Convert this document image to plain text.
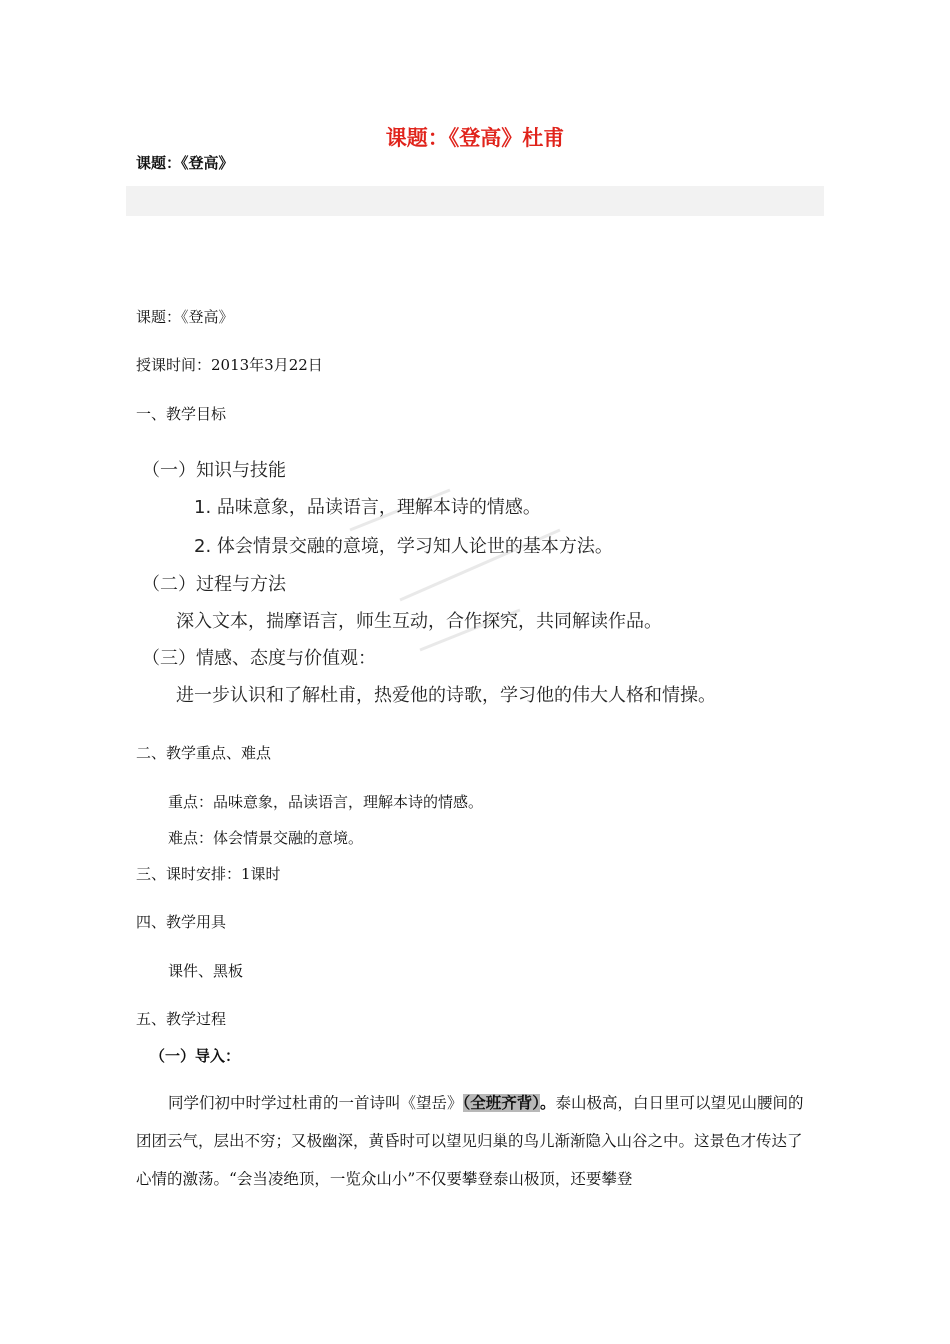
课题：《登高》杜甫
课题：《登高》
课题：《登高》
授课时间：2013年3月22日
一、教学目标
（一）知识与技能
1. 品味意象，品读语言，理解本诗的情感。
2. 体会情景交融的意境，学习知人论世的基本方法。
（二）过程与方法
深入文本，揣摩语言，师生互动，合作探究，共同解读作品。
（三）情感、态度与价值观：
进一步认识和了解杜甫，热爱他的诗歌，学习他的伟大人格和情操。
二、教学重点、难点
重点：品味意象，品读语言，理解本诗的情感。
难点：体会情景交融的意境。
三、课时安排：1课时
四、教学用具
课件、黑板
五、教学过程
（一）导入：
同学们初中时学过杜甫的一首诗叫《望岳》（全班齐背）。泰山极高，白日里可以望见山腰间的团团云气，层出不穷；又极幽深，黄昏时可以望见归巢的鸟儿渐渐隐入山谷之中。这景色才传达了心情的激荡。“会当凌绝顶，一览众山小”不仅要攀登泰山极顶，还要攀登
